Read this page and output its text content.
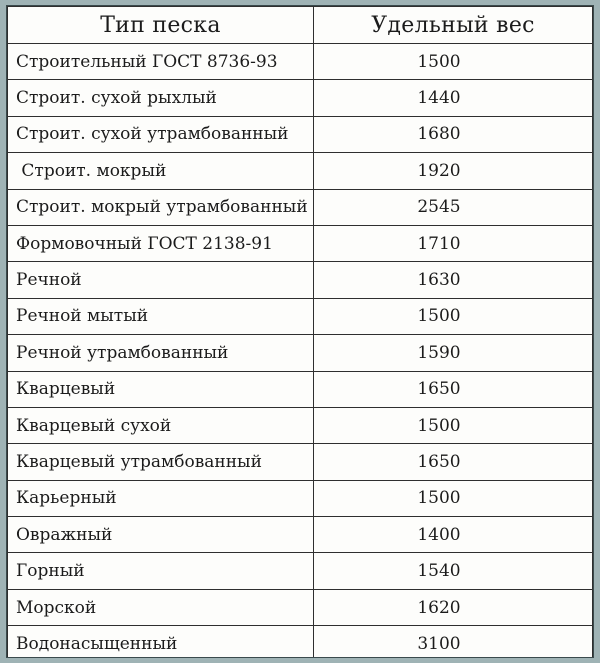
Тип песка	Удельный вес
Строительный ГОСТ 8736-93	1500
Строит. сухой рыхлый	1440
Строит. сухой утрамбованный	1680
Строит. мокрый	1920
Строит. мокрый утрамбованный	2545
Формовочный ГОСТ 2138-91	1710
Речной	1630
Речной мытый	1500
Речной утрамбованный	1590
Кварцевый	1650
Кварцевый сухой	1500
Кварцевый утрамбованный	1650
Карьерный	1500
Овражный	1400
Горный	1540
Морской	1620
Водонасыщенный	3100
